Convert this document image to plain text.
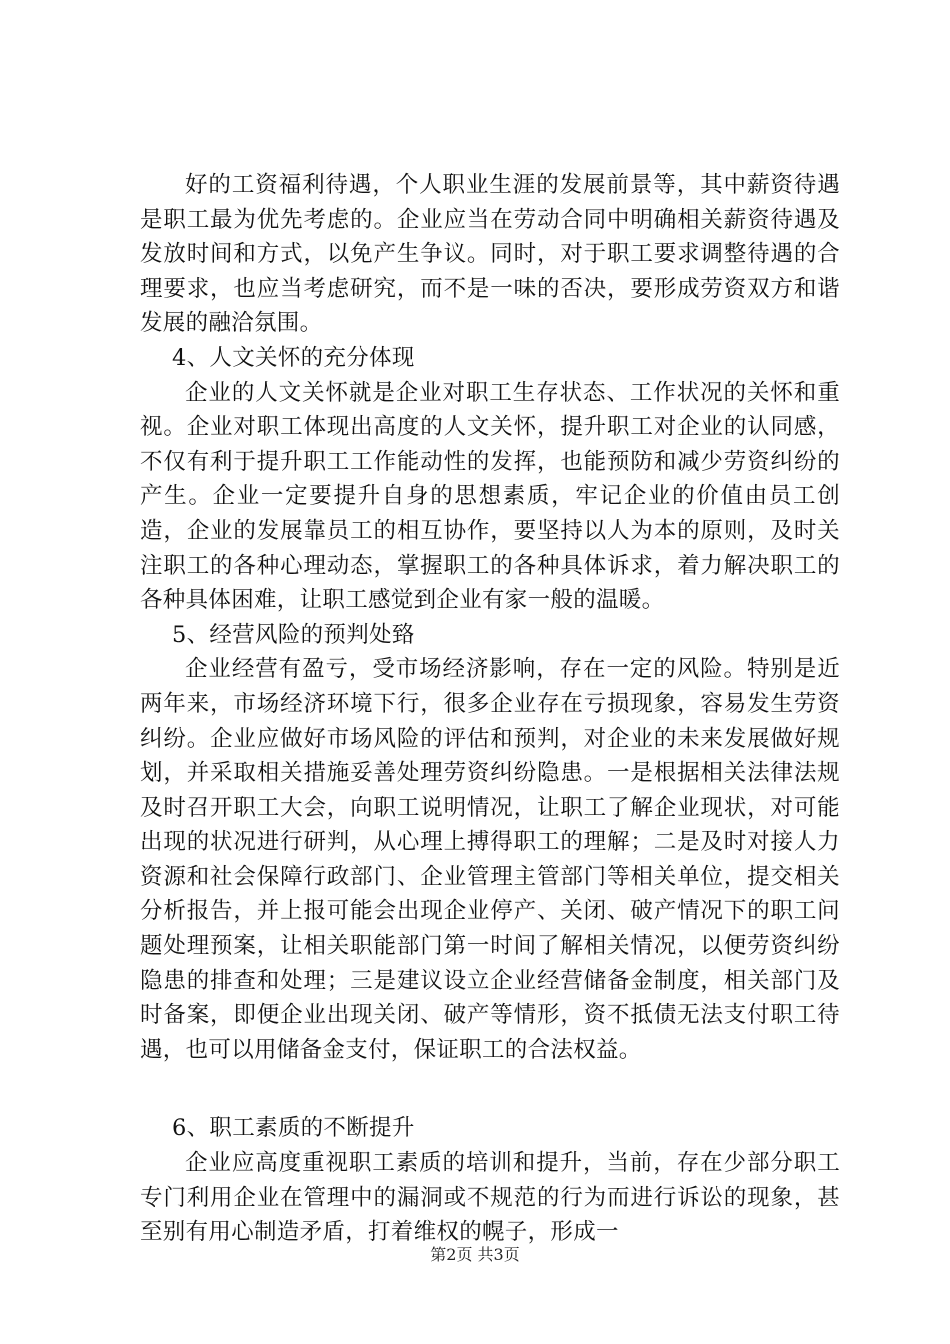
好的工资福利待遇，个人职业生涯的发展前景等，其中薪资待遇是职工最为优先考虑的。企业应当在劳动合同中明确相关薪资待遇及发放时间和方式，以免产生争议。同时，对于职工要求调整待遇的合理要求，也应当考虑研究，而不是一味的否决，要形成劳资双方和谐发展的融洽氛围。

4、人文关怀的充分体现

企业的人文关怀就是企业对职工生存状态、工作状况的关怀和重视。企业对职工体现出高度的人文关怀，提升职工对企业的认同感，不仅有利于提升职工工作能动性的发挥，也能预防和减少劳资纠纷的产生。企业一定要提升自身的思想素质，牢记企业的价值由员工创造，企业的发展靠员工的相互协作，要坚持以人为本的原则，及时关注职工的各种心理动态，掌握职工的各种具体诉求，着力解决职工的各种具体困难，让职工感觉到企业有家一般的温暖。

5、经营风险的预判处臵

企业经营有盈亏，受市场经济影响，存在一定的风险。特别是近两年来，市场经济环境下行，很多企业存在亏损现象，容易发生劳资纠纷。企业应做好市场风险的评估和预判，对企业的未来发展做好规划，并采取相关措施妥善处理劳资纠纷隐患。一是根据相关法律法规及时召开职工大会，向职工说明情况，让职工了解企业现状，对可能出现的状况进行研判，从心理上搏得职工的理解；二是及时对接人力资源和社会保障行政部门、企业管理主管部门等相关单位，提交相关分析报告，并上报可能会出现企业停产、关闭、破产情况下的职工问题处理预案，让相关职能部门第一时间了解相关情况，以便劳资纠纷隐患的排查和处理；三是建议设立企业经营储备金制度，相关部门及时备案，即便企业出现关闭、破产等情形，资不抵债无法支付职工待遇，也可以用储备金支付，保证职工的合法权益。

6、职工素质的不断提升

企业应高度重视职工素质的培训和提升，当前，存在少部分职工专门利用企业在管理中的漏洞或不规范的行为而进行诉讼的现象，甚至别有用心制造矛盾，打着维权的幌子，形成一

第2页 共3页
